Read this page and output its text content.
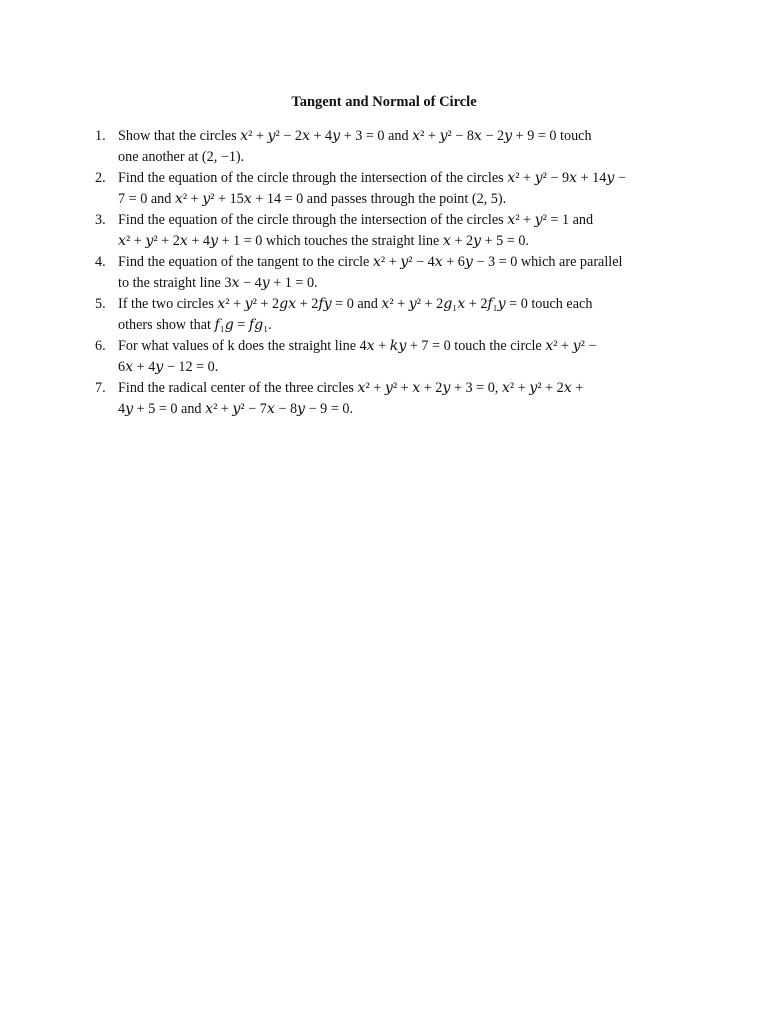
Tangent and Normal of Circle
1. Show that the circles 𝑥² + 𝑦² − 2𝑥 + 4𝑦 + 3 = 0 and 𝑥² + 𝑦² − 8𝑥 − 2𝑦 + 9 = 0 touch
one another at (2, −1).
2. Find the equation of the circle through the intersection of the circles 𝑥² + 𝑦² − 9𝑥 + 14𝑦 −
7 = 0 and 𝑥² + 𝑦² + 15𝑥 + 14 = 0 and passes through the point (2, 5).
3. Find the equation of the circle through the intersection of the circles 𝑥² + 𝑦² = 1 and
𝑥² + 𝑦² + 2𝑥 + 4𝑦 + 1 = 0 which touches the straight line 𝑥 + 2𝑦 + 5 = 0.
4. Find the equation of the tangent to the circle 𝑥² + 𝑦² − 4𝑥 + 6𝑦 − 3 = 0 which are parallel
to the straight line 3𝑥 − 4𝑦 + 1 = 0.
5. If the two circles 𝑥² + 𝑦² + 2𝑔𝑥 + 2𝑓𝑦 = 0 and 𝑥² + 𝑦² + 2𝑔₁𝑥 + 2𝑓₁𝑦 = 0 touch each
others show that 𝑓₁𝑔 = 𝑓𝑔₁.
6. For what values of k does the straight line 4𝑥 + 𝑘𝑦 + 7 = 0 touch the circle 𝑥² + 𝑦² −
6𝑥 + 4𝑦 − 12 = 0.
7. Find the radical center of the three circles 𝑥² + 𝑦² + 𝑥 + 2𝑦 + 3 = 0, 𝑥² + 𝑦² + 2𝑥 +
4𝑦 + 5 = 0 and 𝑥² + 𝑦² − 7𝑥 − 8𝑦 − 9 = 0.
